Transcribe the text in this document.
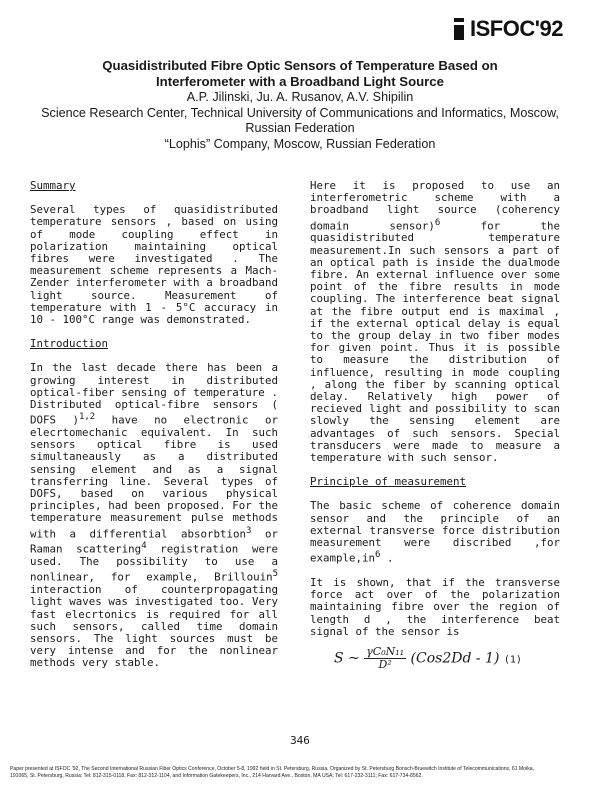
ISFOC'92

Quasidistributed Fibre Optic Sensors of Temperature Based on

Interferometer with a Broadband Light Source

A.P. Jilinski, Ju. A. Rusanov, A.V. Shipilin

Science Research Center, Technical University of Communications and Informatics, Moscow,

Russian Federation

“Lophis” Company, Moscow, Russian Federation

Summary

Several types of quasidistributed temperature sensors , based on using of mode coupling effect in polarization maintaining optical fibres were investigated . The measurement scheme represents a Mach-Zender interferometer with a broadband light source. Measurement of temperature with 1 - 5°C accuracy in 10 - 100°C range was demonstrated.

Introduction

In the last decade there has been a growing interest in distributed optical-fiber sensing of temperature . Distributed optical-fibre sensors ( DOFS )$^{1,2}$ have no electronic or elecrtomechanic equivalent. In such sensors optical fibre is used simultaneausly as a distributed sensing element and as a signal transferring line. Several types of DOFS, based on various physical principles, had been proposed. For the temperature measurement pulse methods with a differential absorbtion$^3$ or Raman scattering$^4$ registration were used. The possibility to use a nonlinear, for example, Brillouin$^5$ interaction of counterpropagating light waves was investigated too. Very fast elecrtonics is required for all such sensors, called time domain sensors. The light sources must be very intense and for the nonlinear methods very stable.

Here it is proposed to use an interferometric scheme with a broadband light source (coherency domain sensor)$^6$ for the quasidistributed temperature measurement.In such sensors a part of an optical path is inside the dualmode fibre. An external influence over some point of the fibre results in mode coupling. The interference beat signal at the fibre output end is maximal , if the external optical delay is equal to the group delay in two fiber modes for given point. Thus it is possible to measure the distribution of influence, resulting in mode coupling , along the fiber by scanning optical delay. Relatively high power of recieved light and possibility to scan slowly the sensing element are advantages of such sensors. Special transducers were made to measure a temperature with such sensor.

Principle of measurement

The basic scheme of coherence domain sensor and the principle of an external transverse force distribution measurement were discribed ,for $example,in^6$ .

It is shown, that if the transverse force act over of the polarization maintaining fibre over the region of length d , the interference beat signal of the sensor is

S ~ $\frac{\text{γC₀N₁₁}}{\text{D²}} (Cos2Dd - 1)$ (1)
346
Paper presented at ISFOC '92, The Second International Russian Fiber Optics Conference, October 5-8, 1992 held in St. Petersburg, Russia. Organized by St. Petersburg Bonsch-Bruewitch Institute of Telecommunications, 61 Moika,
191065, St. Petersburg, Russia; Tel: 812-315-0118, Fax: 812-312-1104, and Information Gatekeepers, Inc., 214 Harvard Ave., Boston, MA USA; Tel: 617-232-3111; Fax: 617-734-8562.
